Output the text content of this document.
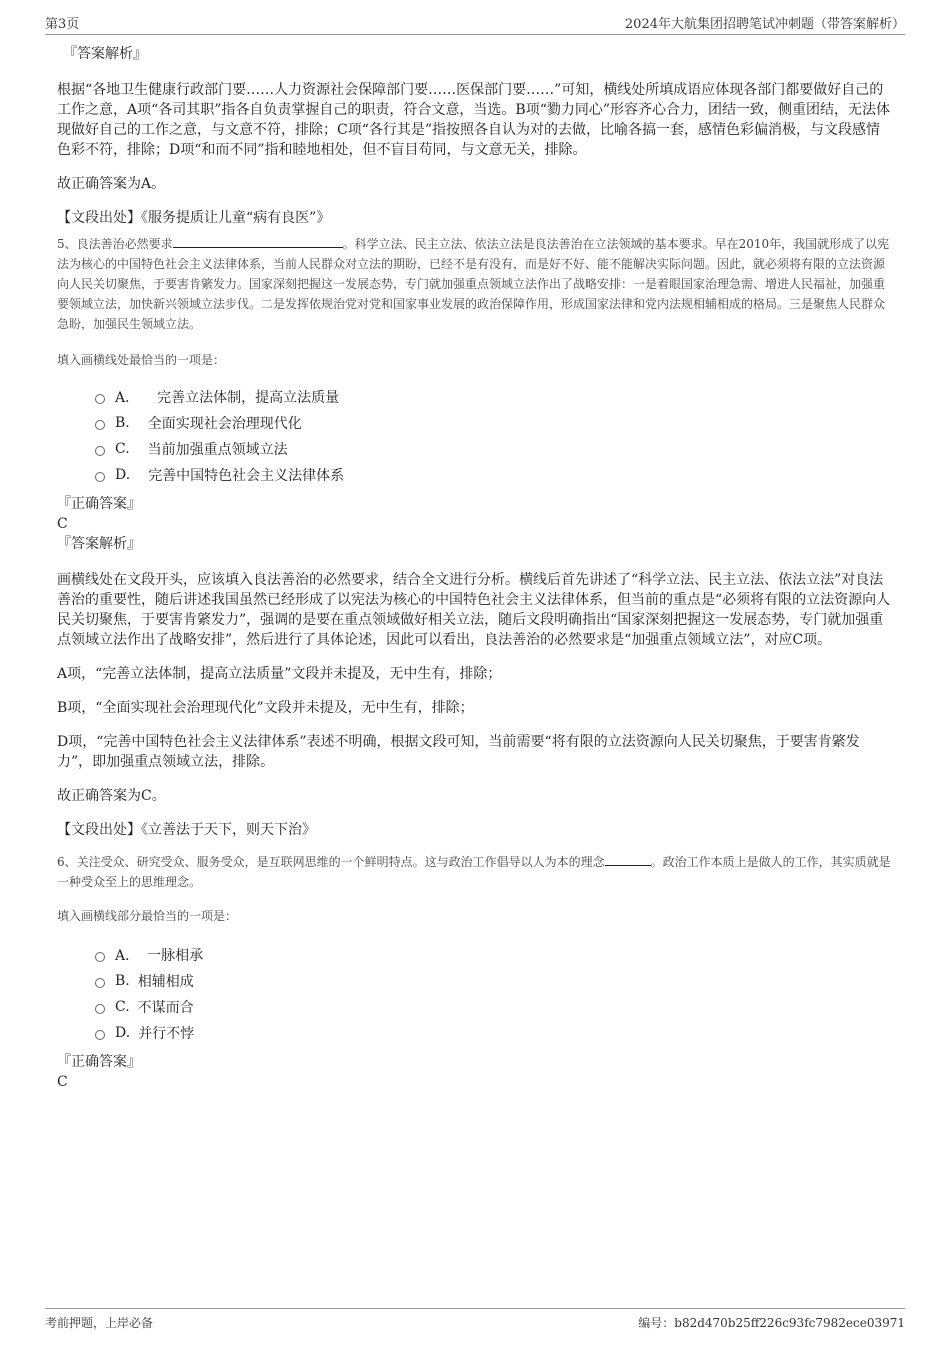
第3页	2024年大航集团招聘笔试冲刺题（带答案解析）

『答案解析』

根据“各地卫生健康行政部门要……人力资源社会保障部门要……医保部门要……”可知，横线处所填成语应体现各部门都要做好自己的工作之意，A项“各司其职”指各自负责掌握自己的职责，符合文意，当选。B项“勠力同心”形容齐心合力，团结一致，侧重团结，无法体现做好自己的工作之意，与文意不符，排除；C项“各行其是”指按照各自认为对的去做，比喻各搞一套，感情色彩偏消极，与文段感情色彩不符，排除；D项“和而不同”指和睦地相处，但不盲目苟同，与文意无关，排除。

故正确答案为A。

【文段出处】《服务提质让儿童“病有良医”》

5、良法善治必然要求	。科学立法、民主立法、依法立法是良法善治在立法领域的基本要求。早在2010年，我国就形成了以宪法为核心的中国特色社会主义法律体系，当前人民群众对立法的期盼，已经不是有没有，而是好不好、能不能解决实际问题。因此，就必须将有限的立法资源向人民关切聚焦，于要害肯綮发力。国家深刻把握这一发展态势，专门就加强重点领域立法作出了战略安排：一是着眼国家治理急需、增进人民福祉，加强重要领域立法，加快新兴领域立法步伐。二是发挥依规治党对党和国家事业发展的政治保障作用，形成国家法律和党内法规相辅相成的格局。三是聚焦人民群众急盼，加强民生领域立法。

填入画横线处最恰当的一项是：

A． 完善立法体制，提高立法质量
B. 全面实现社会治理现代化
C. 当前加强重点领域立法
D. 完善中国特色社会主义法律体系

『正确答案』

C

『答案解析』

画横线处在文段开头，应该填入良法善治的必然要求，结合全文进行分析。横线后首先讲述了“科学立法、民主立法、依法立法”对良法善治的重要性，随后讲述我国虽然已经形成了以宪法为核心的中国特色社会主义法律体系，但当前的重点是“必须将有限的立法资源向人民关切聚焦，于要害肯綮发力”，强调的是要在重点领域做好相关立法，随后文段明确指出“国家深刻把握这一发展态势，专门就加强重点领域立法作出了战略安排”，然后进行了具体论述，因此可以看出，良法善治的必然要求是“加强重点领域立法”，对应C项。

A项，“完善立法体制，提高立法质量”文段并未提及，无中生有，排除；

B项，“全面实现社会治理现代化”文段并未提及，无中生有，排除；

D项，“完善中国特色社会主义法律体系”表述不明确，根据文段可知，当前需要“将有限的立法资源向人民关切聚焦，于要害肯綮发力”，即加强重点领域立法，排除。

故正确答案为C。

【文段出处】《立善法于天下，则天下治》

6、关注受众、研究受众、服务受众，是互联网思维的一个鲜明特点。这与政治工作倡导以人为本的理念	。政治工作本质上是做人的工作，其实质就是一种受众至上的思维理念。

填入画横线部分最恰当的一项是：

A． 一脉相承
B. 相辅相成
C. 不谋而合
D. 并行不悖

『正确答案』

C

考前押题，上岸必备	编号：b82d470b25ff226c93fc7982ece03971
